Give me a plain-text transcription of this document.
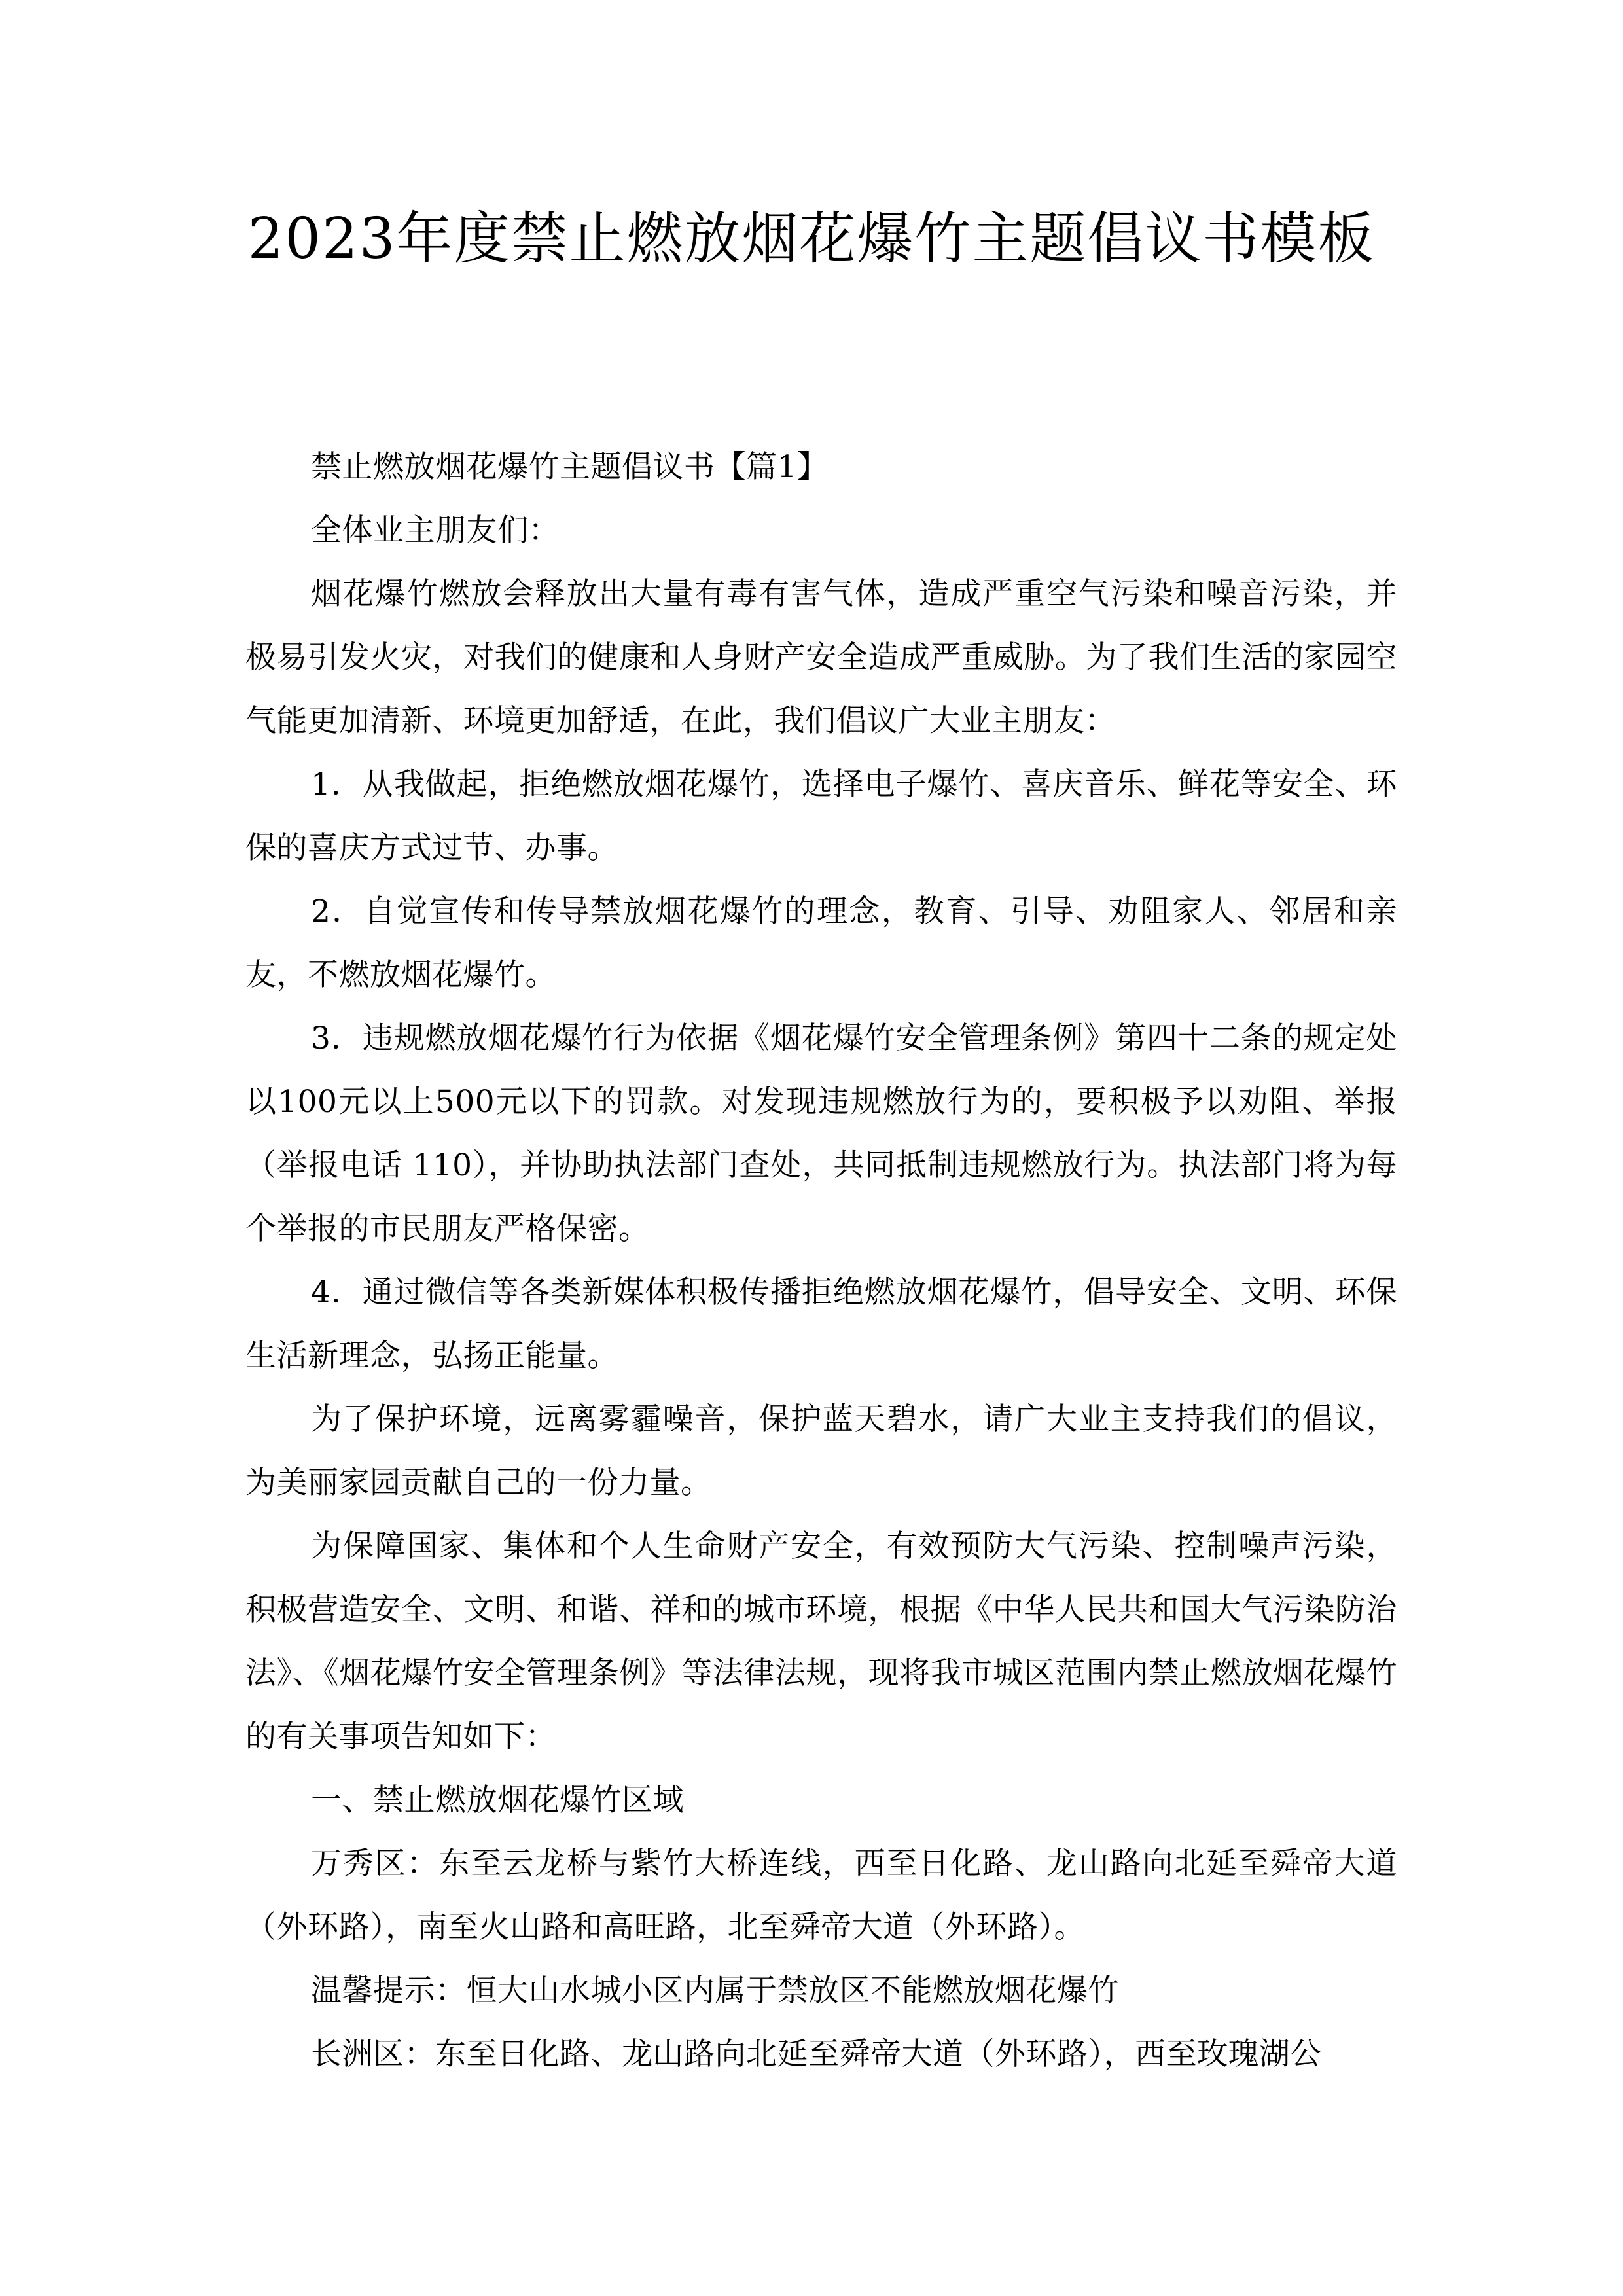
2023年度禁止燃放烟花爆竹主题倡议书模板

禁止燃放烟花爆竹主题倡议书【篇1】

全体业主朋友们：

烟花爆竹燃放会释放出大量有毒有害气体，造成严重空气污染和噪音污染，并极易引发火灾，对我们的健康和人身财产安全造成严重威胁。为了我们生活的家园空气能更加清新、环境更加舒适，在此，我们倡议广大业主朋友：

1．从我做起，拒绝燃放烟花爆竹，选择电子爆竹、喜庆音乐、鲜花等安全、环保的喜庆方式过节、办事。

2．自觉宣传和传导禁放烟花爆竹的理念，教育、引导、劝阻家人、邻居和亲友，不燃放烟花爆竹。

3．违规燃放烟花爆竹行为依据《烟花爆竹安全管理条例》第四十二条的规定处以100元以上500元以下的罚款。对发现违规燃放行为的，要积极予以劝阻、举报（举报电话 110），并协助执法部门查处，共同抵制违规燃放行为。执法部门将为每个举报的市民朋友严格保密。

4．通过微信等各类新媒体积极传播拒绝燃放烟花爆竹，倡导安全、文明、环保生活新理念，弘扬正能量。

为了保护环境，远离雾霾噪音，保护蓝天碧水，请广大业主支持我们的倡议，为美丽家园贡献自己的一份力量。

为保障国家、集体和个人生命财产安全，有效预防大气污染、控制噪声污染，积极营造安全、文明、和谐、祥和的城市环境，根据《中华人民共和国大气污染防治法》、《烟花爆竹安全管理条例》等法律法规，现将我市城区范围内禁止燃放烟花爆竹的有关事项告知如下：

一、禁止燃放烟花爆竹区域

万秀区：东至云龙桥与紫竹大桥连线，西至日化路、龙山路向北延至舜帝大道（外环路），南至火山路和高旺路，北至舜帝大道（外环路）。

温馨提示：恒大山水城小区内属于禁放区不能燃放烟花爆竹

长洲区：东至日化路、龙山路向北延至舜帝大道（外环路），西至玫瑰湖公
